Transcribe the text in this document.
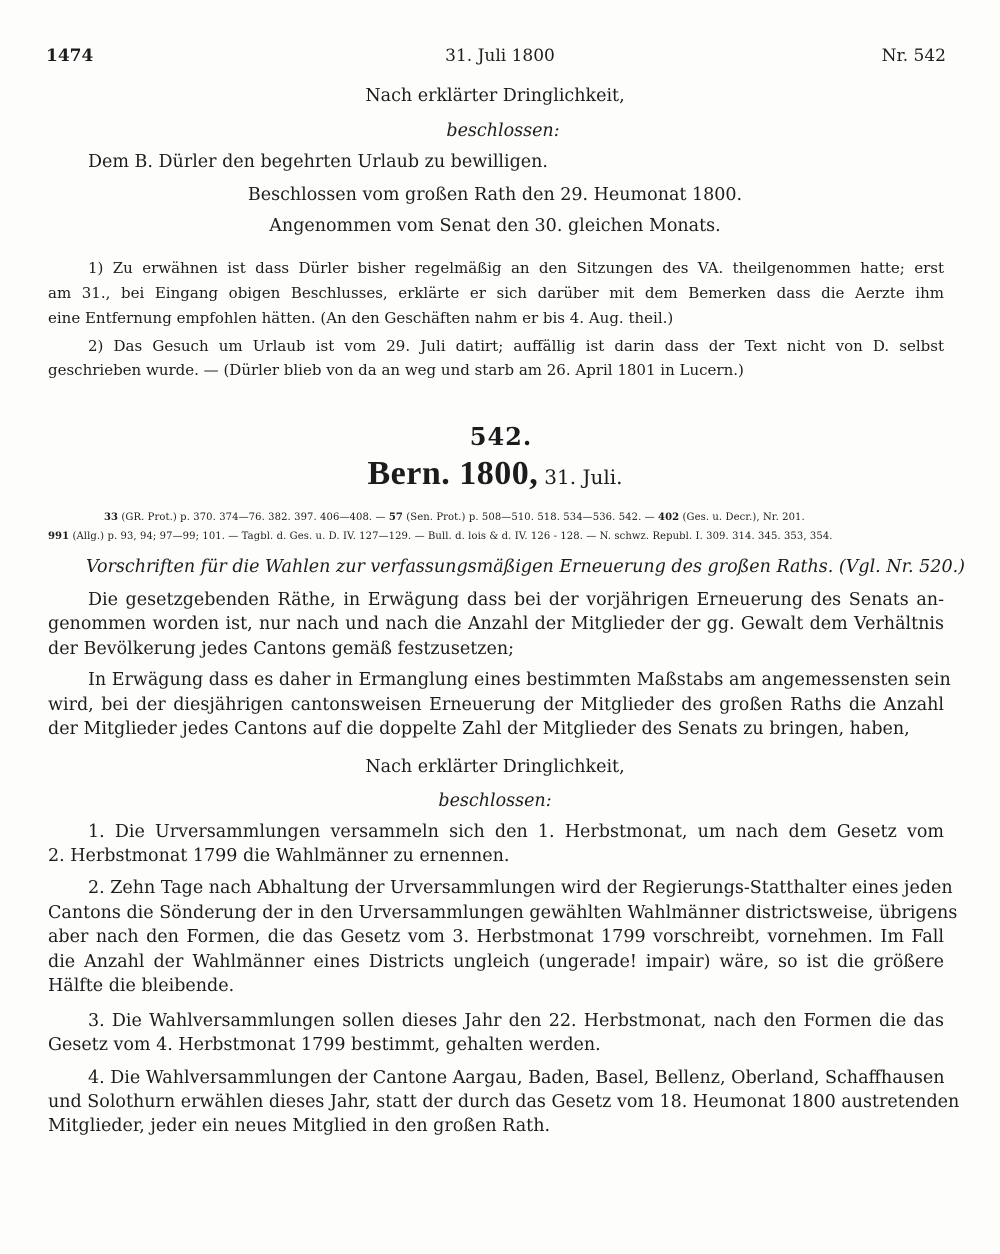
1474	31. Juli 1800	Nr. 542
Nach erklärter Dringlichkeit,
beschlossen:
Dem B. Dürler den begehrten Urlaub zu bewilligen.
Beschlossen vom großen Rath den 29. Heumonat 1800.
Angenommen vom Senat den 30. gleichen Monats.
1) Zu erwähnen ist dass Dürler bisher regelmäßig an den Sitzungen des VA. theilgenommen hatte; erst
am 31., bei Eingang obigen Beschlusses, erklärte er sich darüber mit dem Bemerken dass die Aerzte ihm
eine Entfernung empfohlen hätten. (An den Geschäften nahm er bis 4. Aug. theil.)
2) Das Gesuch um Urlaub ist vom 29. Juli datirt; auffällig ist darin dass der Text nicht von D. selbst
geschrieben wurde. — (Dürler blieb von da an weg und starb am 26. April 1801 in Lucern.)
542.
Bern. 1800, 31. Juli.
33 (GR. Prot.) p. 370. 374—76. 382. 397. 406—408. — 57 (Sen. Prot.) p. 508—510. 518. 534—536. 542. — 402 (Ges. u. Decr.), Nr. 201.
991 (Allg.) p. 93, 94; 97—99; 101. — Tagbl. d. Ges. u. D. IV. 127—129. — Bull. d. lois & d. IV. 126 - 128. — N. schwz. Republ. I. 309. 314. 345. 353, 354.
Vorschriften für die Wahlen zur verfassungsmäßigen Erneuerung des großen Raths. (Vgl. Nr. 520.)
Die gesetzgebenden Räthe, in Erwägung dass bei der vorjährigen Erneuerung des Senats an-
genommen worden ist, nur nach und nach die Anzahl der Mitglieder der gg. Gewalt dem Verhältnis
der Bevölkerung jedes Cantons gemäß festzusetzen;
In Erwägung dass es daher in Ermanglung eines bestimmten Maßstabs am angemessensten sein
wird, bei der diesjährigen cantonsweisen Erneuerung der Mitglieder des großen Raths die Anzahl
der Mitglieder jedes Cantons auf die doppelte Zahl der Mitglieder des Senats zu bringen, haben,
Nach erklärter Dringlichkeit,
beschlossen:
1. Die Urversammlungen versammeln sich den 1. Herbstmonat, um nach dem Gesetz vom
2. Herbstmonat 1799 die Wahlmänner zu ernennen.
2. Zehn Tage nach Abhaltung der Urversammlungen wird der Regierungs-Statthalter eines jeden
Cantons die Sönderung der in den Urversammlungen gewählten Wahlmänner districtsweise, übrigens
aber nach den Formen, die das Gesetz vom 3. Herbstmonat 1799 vorschreibt, vornehmen. Im Fall
die Anzahl der Wahlmänner eines Districts ungleich (ungerade! impair) wäre, so ist die größere
Hälfte die bleibende.
3. Die Wahlversammlungen sollen dieses Jahr den 22. Herbstmonat, nach den Formen die das
Gesetz vom 4. Herbstmonat 1799 bestimmt, gehalten werden.
4. Die Wahlversammlungen der Cantone Aargau, Baden, Basel, Bellenz, Oberland, Schaffhausen
und Solothurn erwählen dieses Jahr, statt der durch das Gesetz vom 18. Heumonat 1800 austretenden
Mitglieder, jeder ein neues Mitglied in den großen Rath.
